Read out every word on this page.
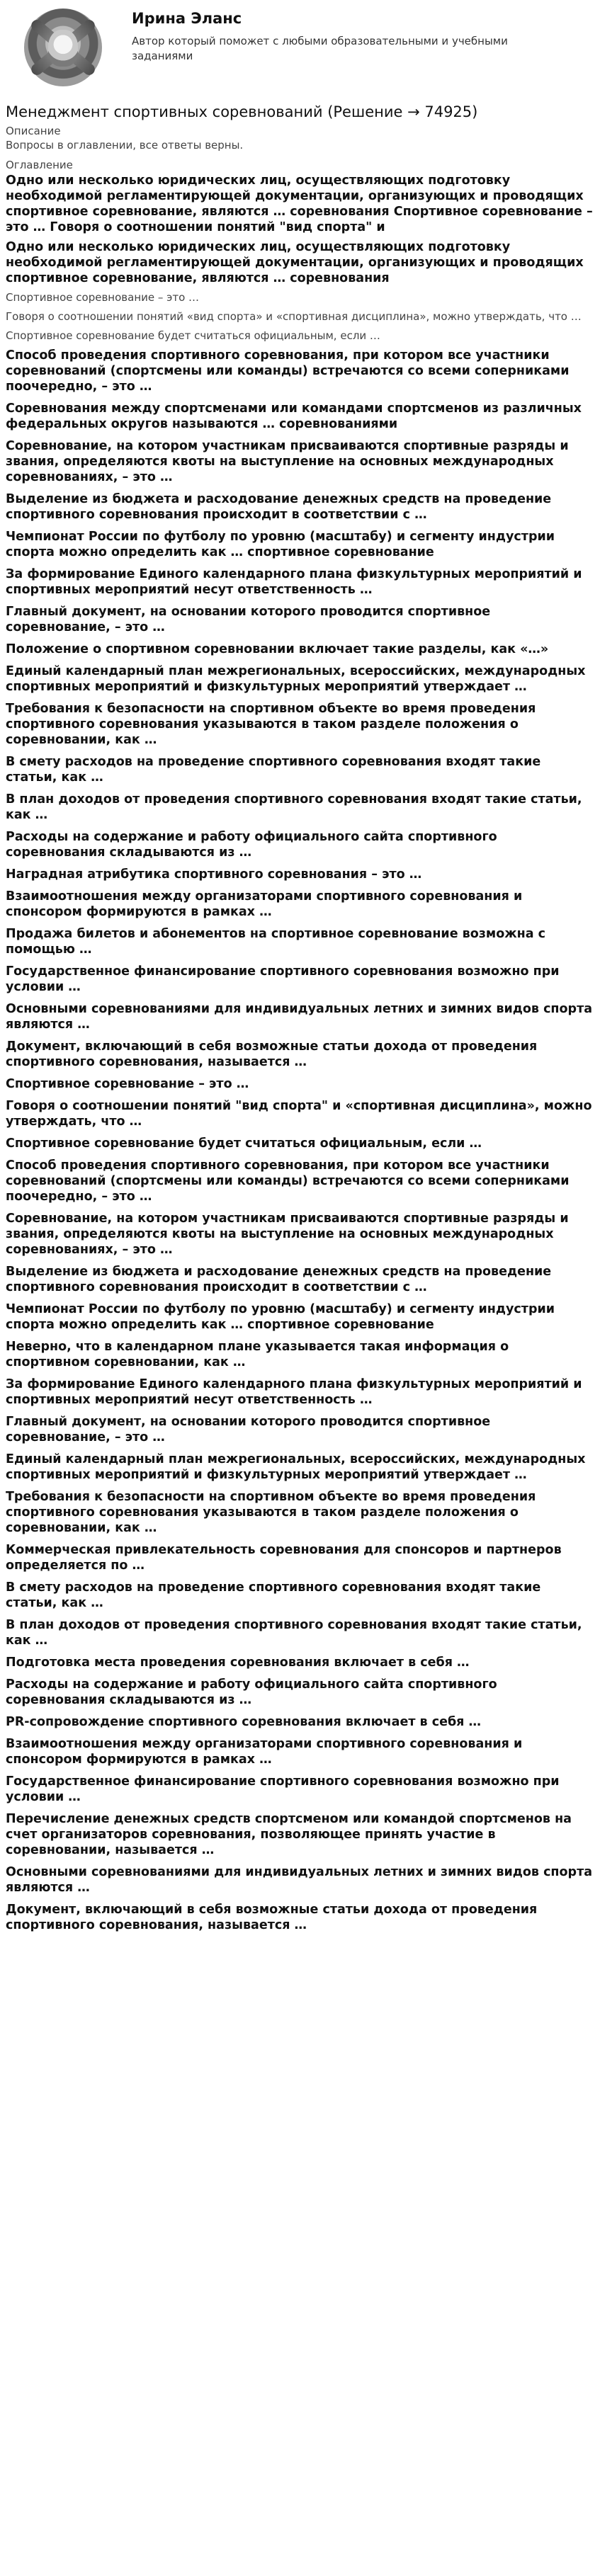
Ирина Эланс
Автор который поможет с любыми образовательными и учебными заданиями
Менеджмент спортивных соревнований (Решение → 74925)
Описание
Вопросы в оглавлении, все ответы верны.
Оглавление
Одно или несколько юридических лиц, осуществляющих подготовку необходимой регламентирующей документации, организующих и проводящих спортивное соревнование, являются … соревнования Спортивное соревнование – это … Говоря о соотношении понятий "вид спорта" и
Одно или несколько юридических лиц, осуществляющих подготовку необходимой регламентирующей документации, организующих и проводящих спортивное соревнование, являются … соревнования
Спортивное соревнование – это …
Говоря о соотношении понятий «вид спорта» и «спортивная дисциплина», можно утверждать, что …
Спортивное соревнование будет считаться официальным, если …
Способ проведения спортивного соревнования, при котором все участники соревнований (спортсмены или команды) встречаются со всеми соперниками поочередно, – это …
Соревнования между спортсменами или командами спортсменов из различных федеральных округов называются … соревнованиями
Соревнование, на котором участникам присваиваются спортивные разряды и звания, определяются квоты на выступление на основных международных соревнованиях, – это …
Выделение из бюджета и расходование денежных средств на проведение спортивного соревнования происходит в соответствии с …
Чемпионат России по футболу по уровню (масштабу) и сегменту индустрии спорта можно определить как … спортивное соревнование
За формирование Единого календарного плана физкультурных мероприятий и спортивных мероприятий несут ответственность …
Главный документ, на основании которого проводится спортивное соревнование, – это …
Положение о спортивном соревновании включает такие разделы, как «…»
Единый календарный план межрегиональных, всероссийских, международных спортивных мероприятий и физкультурных мероприятий утверждает …
Требования к безопасности на спортивном объекте во время проведения спортивного соревнования указываются в таком разделе положения о соревновании, как …
В смету расходов на проведение спортивного соревнования входят такие статьи, как …
В план доходов от проведения спортивного соревнования входят такие статьи, как …
Расходы на содержание и работу официального сайта спортивного соревнования складываются из …
Наградная атрибутика спортивного соревнования – это …
Взаимоотношения между организаторами спортивного соревнования и спонсором формируются в рамках …
Продажа билетов и абонементов на спортивное соревнование возможна с помощью …
Государственное финансирование спортивного соревнования возможно при условии …
Основными соревнованиями для индивидуальных летних и зимних видов спорта являются …
Документ, включающий в себя возможные статьи дохода от проведения спортивного соревнования, называется …
Спортивное соревнование – это …
Говоря о соотношении понятий "вид спорта" и «спортивная дисциплина», можно утверждать, что …
Спортивное соревнование будет считаться официальным, если …
Способ проведения спортивного соревнования, при котором все участники соревнований (спортсмены или команды) встречаются со всеми соперниками поочередно, – это …
Соревнование, на котором участникам присваиваются спортивные разряды и звания, определяются квоты на выступление на основных международных соревнованиях, – это …
Выделение из бюджета и расходование денежных средств на проведение спортивного соревнования происходит в соответствии с …
Чемпионат России по футболу по уровню (масштабу) и сегменту индустрии спорта можно определить как … спортивное соревнование
Неверно, что в календарном плане указывается такая информация о спортивном соревновании, как …
За формирование Единого календарного плана физкультурных мероприятий и спортивных мероприятий несут ответственность …
Главный документ, на основании которого проводится спортивное соревнование, – это …
Единый календарный план межрегиональных, всероссийских, международных спортивных мероприятий и физкультурных мероприятий утверждает …
Требования к безопасности на спортивном объекте во время проведения спортивного соревнования указываются в таком разделе положения о соревновании, как …
Коммерческая привлекательность соревнования для спонсоров и партнеров определяется по …
В смету расходов на проведение спортивного соревнования входят такие статьи, как …
В план доходов от проведения спортивного соревнования входят такие статьи, как …
Подготовка места проведения соревнования включает в себя …
Расходы на содержание и работу официального сайта спортивного соревнования складываются из …
PR-сопровождение спортивного соревнования включает в себя …
Взаимоотношения между организаторами спортивного соревнования и спонсором формируются в рамках …
Государственное финансирование спортивного соревнования возможно при условии …
Перечисление денежных средств спортсменом или командой спортсменов на счет организаторов соревнования, позволяющее принять участие в соревновании, называется …
Основными соревнованиями для индивидуальных летних и зимних видов спорта являются …
Документ, включающий в себя возможные статьи дохода от проведения спортивного соревнования, называется …
